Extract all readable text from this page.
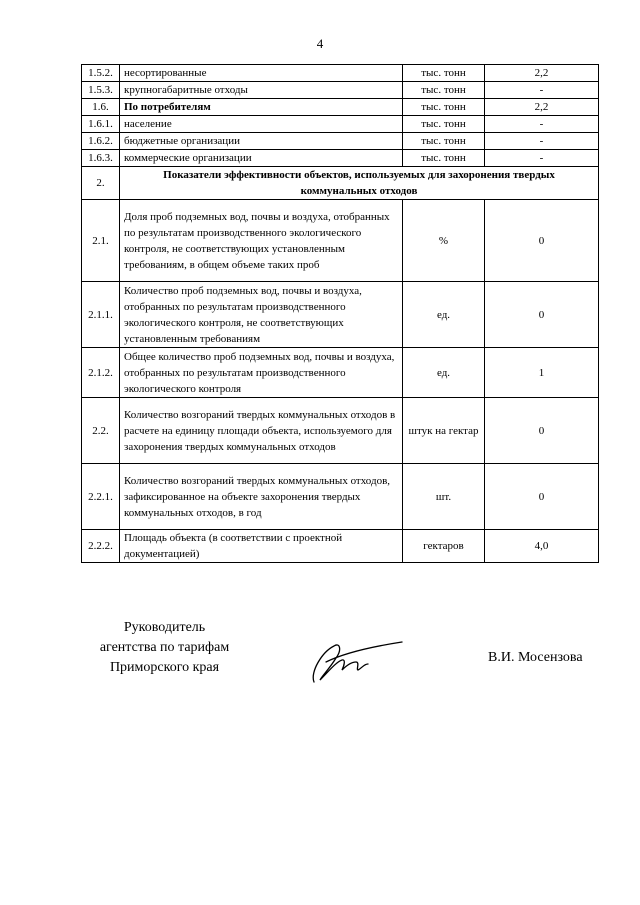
4
1.5.2.	несортированные	тыс. тонн	2,2
1.5.3.	крупногабаритные отходы	тыс. тонн	-
1.6.	По потребителям	тыс. тонн	2,2
1.6.1.	население	тыс. тонн	-
1.6.2.	бюджетные организации	тыс. тонн	-
1.6.3.	коммерческие организации	тыс. тонн	-
2.	Показатели эффективности объектов, используемых для захоронения твердых коммунальных отходов		
2.1.	Доля проб подземных вод, почвы и воздуха, отобранных по результатам производственного экологического контроля, не соответствующих установленным требованиям, в общем объеме таких проб	%	0
2.1.1.	Количество проб подземных вод, почвы и воздуха, отобранных по результатам производственного экологического контроля, не соответствующих установленным требованиям	ед.	0
2.1.2.	Общее количество проб подземных вод, почвы и воздуха, отобранных по результатам производственного экологического контроля	ед.	1
2.2.	Количество возгораний твердых коммунальных отходов в расчете на единицу площади объекта, используемого для захоронения твердых коммунальных отходов	штук на гектар	0
2.2.1.	Количество возгораний твердых коммунальных отходов, зафиксированное на объекте захоронения твердых коммунальных отходов, в год	шт.	0
2.2.2.	Площадь объекта (в соответствии с проектной документацией)	гектаров	4,0
Руководитель
агентства по тарифам
Приморского края
В.И. Мосензова
